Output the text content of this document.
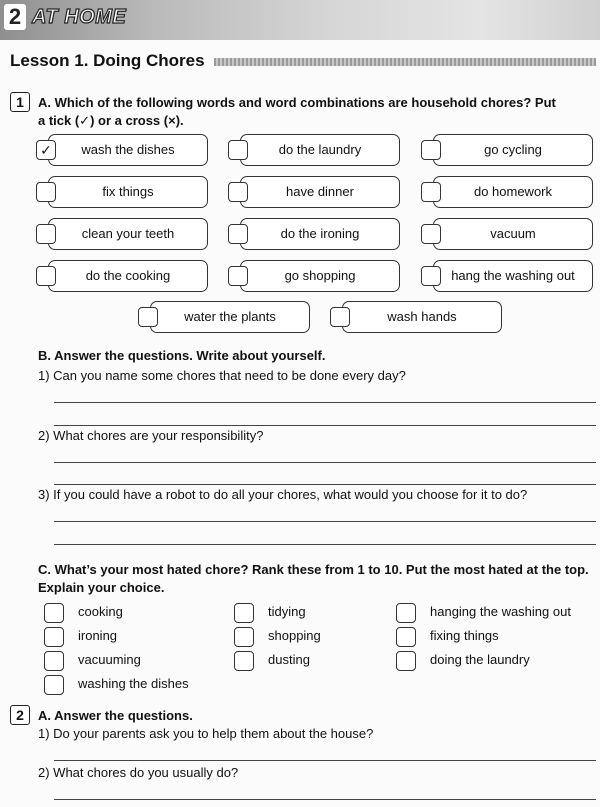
2 AT HOME
Lesson 1. Doing Chores
1	A. Which of the following words and word combinations are household chores? Put
a tick (✓) or a cross (×).
wash the dishes
✓	do the laundry	go cycling
fix things	have dinner	do homework
clean your teeth	do the ironing	vacuum
do the cooking	go shopping	hang the washing out
water the plants	wash hands
B. Answer the questions. Write about yourself.
1) Can you name some chores that need to be done every day?
2) What chores are your responsibility?
3) If you could have a robot to do all your chores, what would you choose for it to do?
C. What’s your most hated chore? Rank these from 1 to 10. Put the most hated at the top.
Explain your choice.
cooking
ironing
vacuuming
washing the dishes
tidying
shopping
dusting
hanging the washing out
fixing things
doing the laundry
2	A. Answer the questions.
1) Do your parents ask you to help them about the house?
2) What chores do you usually do?
